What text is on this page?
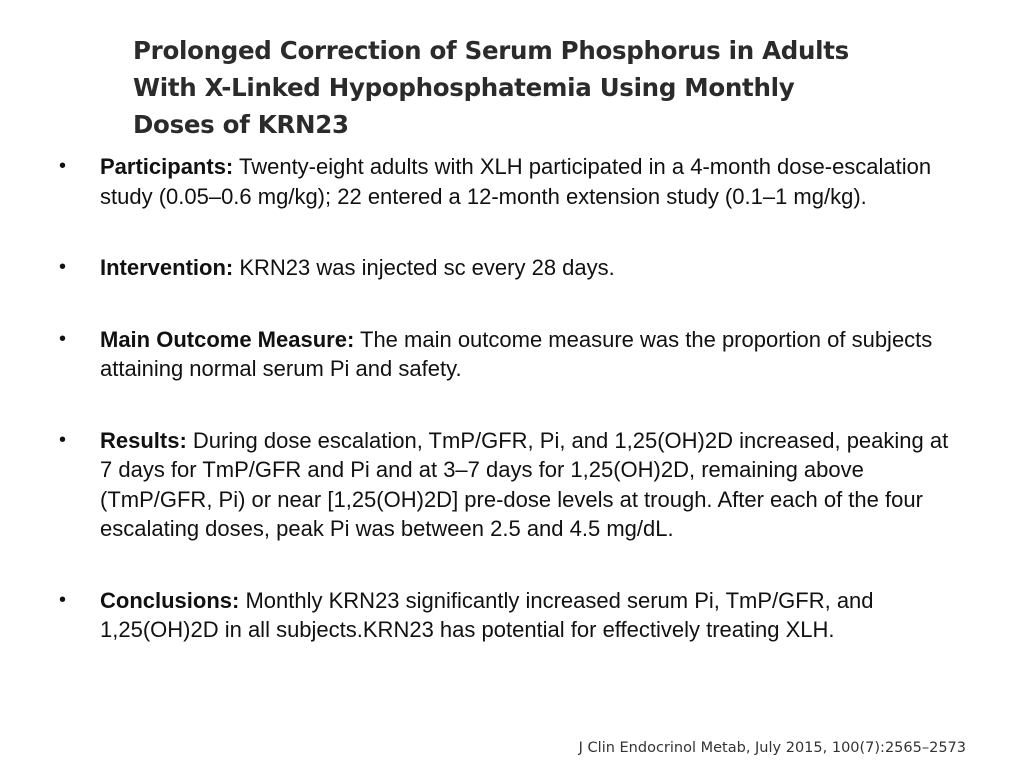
Prolonged Correction of Serum Phosphorus in Adults
With X-Linked Hypophosphatemia Using Monthly
Doses of KRN23
• Participants: Twenty-eight adults with XLH participated in a 4-month dose-escalation study (0.05–0.6 mg/kg); 22 entered a 12-month extension study (0.1–1 mg/kg).
• Intervention: KRN23 was injected sc every 28 days.
• Main Outcome Measure: The main outcome measure was the proportion of subjects attaining normal serum Pi and safety.
• Results: During dose escalation, TmP/GFR, Pi, and 1,25(OH)2D increased, peaking at 7 days for TmP/GFR and Pi and at 3–7 days for 1,25(OH)2D, remaining above (TmP/GFR, Pi) or near [1,25(OH)2D] pre-dose levels at trough. After each of the four escalating doses, peak Pi was between 2.5 and 4.5 mg/dL.
• Conclusions: Monthly KRN23 significantly increased serum Pi, TmP/GFR, and 1,25(OH)2D in all subjects.KRN23 has potential for effectively treating XLH.

J Clin Endocrinol Metab, July 2015, 100(7):2565–2573
